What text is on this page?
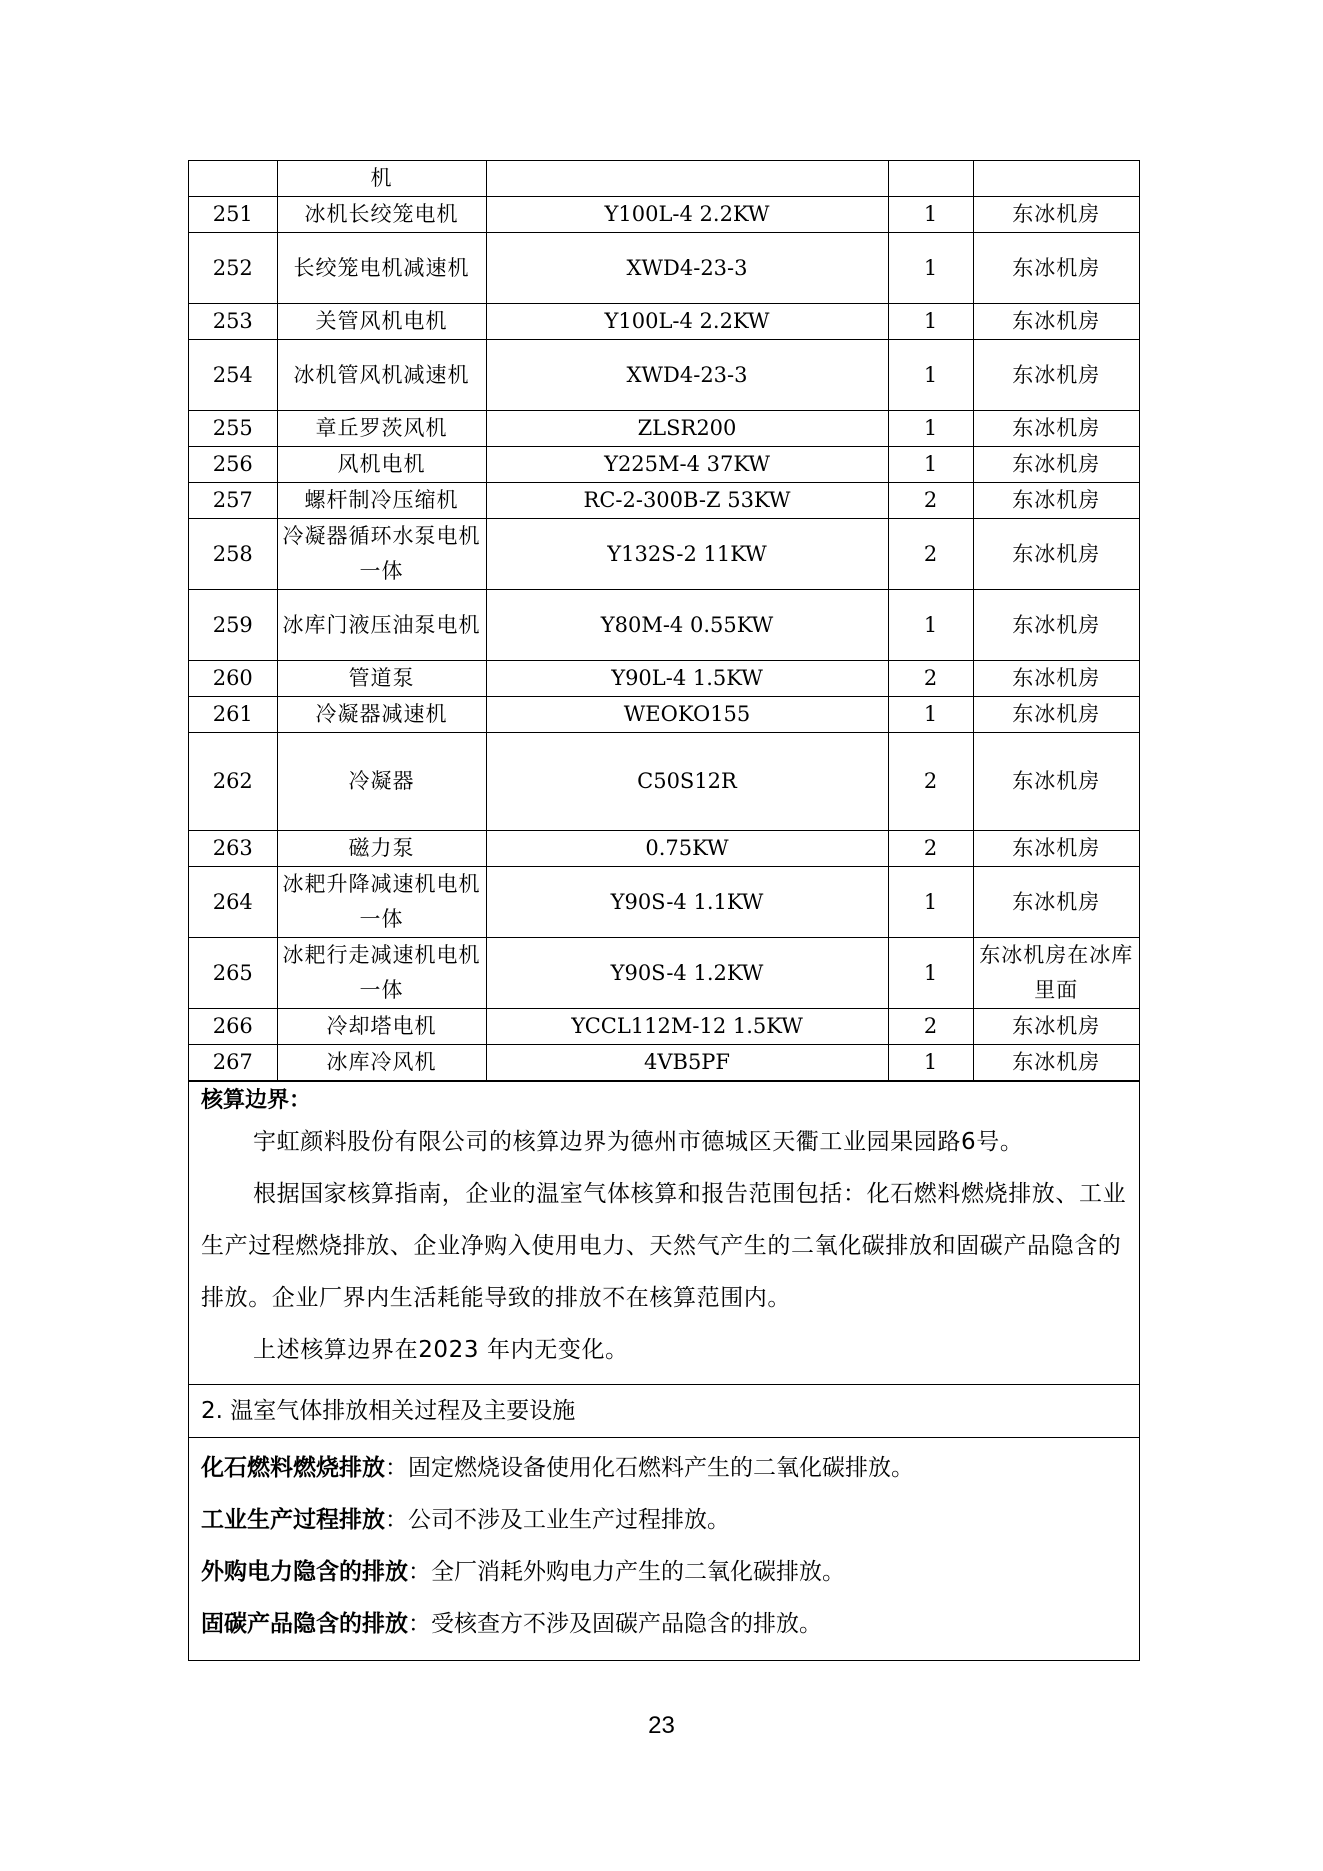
	机			
251	冰机长绞笼电机	Y100L-4 2.2KW	1	东冰机房
252	长绞笼电机减速机	XWD4-23-3	1	东冰机房
253	关管风机电机	Y100L-4 2.2KW	1	东冰机房
254	冰机管风机减速机	XWD4-23-3	1	东冰机房
255	章丘罗茨风机	ZLSR200	1	东冰机房
256	风机电机	Y225M-4 37KW	1	东冰机房
257	螺杆制冷压缩机	RC-2-300B-Z 53KW	2	东冰机房
258	冷凝器循环水泵电机一体	Y132S-2 11KW	2	东冰机房
259	冰库门液压油泵电机	Y80M-4 0.55KW	1	东冰机房
260	管道泵	Y90L-4 1.5KW	2	东冰机房
261	冷凝器减速机	WEOKO155	1	东冰机房
262	冷凝器	C50S12R	2	东冰机房
263	磁力泵	0.75KW	2	东冰机房
264	冰耙升降减速机电机一体	Y90S-4 1.1KW	1	东冰机房
265	冰耙行走减速机电机一体	Y90S-4 1.2KW	1	东冰机房在冰库里面
266	冷却塔电机	YCCL112M-12 1.5KW	2	东冰机房
267	冰库冷风机	4VB5PF	1	东冰机房

核算边界：

宇虹颜料股份有限公司的核算边界为德州市德城区天衢工业园果园路6号。

根据国家核算指南，企业的温室气体核算和报告范围包括：化石燃料燃烧排放、工业生产过程燃烧排放、企业净购入使用电力、天然气产生的二氧化碳排放和固碳产品隐含的排放。企业厂界内生活耗能导致的排放不在核算范围内。

上述核算边界在2023 年内无变化。

2. 温室气体排放相关过程及主要设施

化石燃料燃烧排放：固定燃烧设备使用化石燃料产生的二氧化碳排放。

工业生产过程排放：公司不涉及工业生产过程排放。

外购电力隐含的排放：全厂消耗外购电力产生的二氧化碳排放。

固碳产品隐含的排放：受核查方不涉及固碳产品隐含的排放。

23
